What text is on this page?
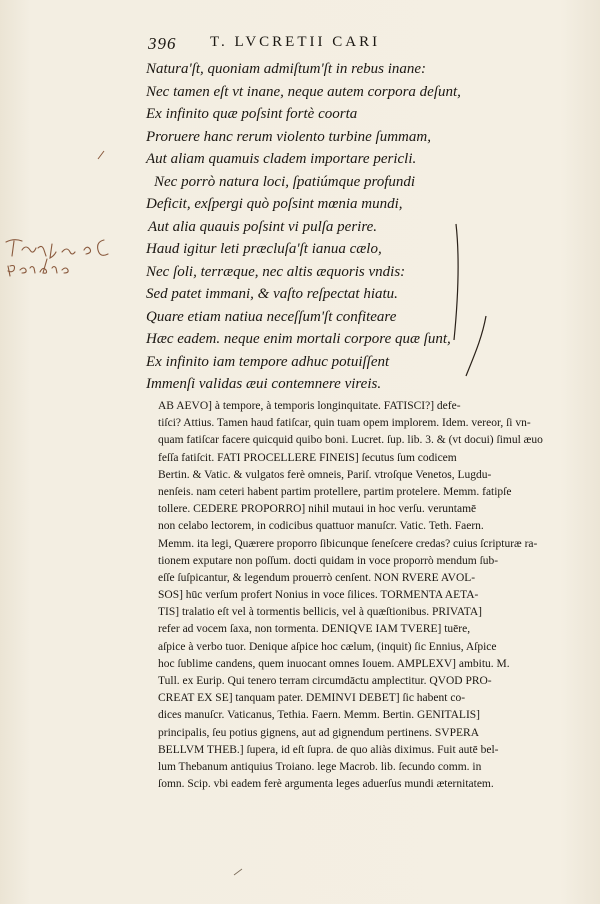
396 T. LVCRETII CARI
Natura'ſt, quoniam admiſtum'ſt in rebus inane:
Nec tamen eſt vt inane, neque autem corpora deſunt,
Ex infinito quæ poſsint fortè coorta
Proruere hanc rerum violento turbine ſummam,
Aut aliam quamuis cladem importare pericli.
Nec porrò natura loci, ſpatiúmque profundi
Deficit, exſpergi quò poſsint mœnia mundi,
Aut alia quauis poſsint vi pulſa perire.
Haud igitur leti præcluſa'ſt ianua cælo,
Nec ſoli, terræque, nec altis æquoris vndis:
Sed patet immani, & vaſto reſpectat hiatu.
Quare etiam natiua neceſſum'ſt confiteare
Hæc eadem. neque enim mortali corpore quæ ſunt,
Ex infinito iam tempore adhuc potuiſſent
Immenſi validas æui contemnere vireis.
AB AEVO] à tempore, à temporis longinquitate. FATISCI?] defe-
tiſci? Attius. Tamen haud fatiſcar, quin tuam opem implorem. Idem. vereor, ſi vn-
quam fatiſcar facere quicquid quibo boni. Lucret. ſup. lib. 3. & (vt docui) ſimul æuo
feſſa fatiſcit. FATI PROCELLERE FINEIS] ſecutus ſum codicem
Bertin. & Vatic. & vulgatos ferè omneis, Pariſ. vtroſque Venetos, Lugdu-
nenſeis. nam ceteri habent partim protellere, partim protelere. Memm. fatipſe
tollere. CEDERE PROPORRO] nihil mutaui in hoc verſu. veruntamē
non celabo lectorem, in codicibus quattuor manuſcr. Vatic. Teth. Faern.
Memm. ita legi, Quærere proporro ſibicunque ſeneſcere credas? cuius ſcripturæ ra-
tionem exputare non poſſum. docti quidam in voce proporrò mendum ſub-
eſſe ſuſpicantur, & legendum prouerrò cenſent. NON RVERE AVOL-
SOS] hūc verſum profert Nonius in voce ſilices. TORMENTA AETA-
TIS] tralatio eſt vel à tormentis bellicis, vel à quæſtionibus. PRIVATA]
refer ad vocem ſaxa, non tormenta. DENIQVE IAM TVERE] tuēre,
aſpice à verbo tuor. Denique aſpice hoc cælum, (inquit) ſic Ennius, Aſpice
hoc ſublime candens, quem inuocant omnes Iouem. AMPLEXV] ambitu. M.
Tull. ex Eurip. Qui tenero terram circumdāctu amplectitur. QVOD PRO-
CREAT EX SE] tanquam pater. DEMINVI DEBET] ſic habent co-
dices manuſcr. Vaticanus, Tethia. Faern. Memm. Bertin. GENITALIS]
principalis, ſeu potius gignens, aut ad gignendum pertinens. SVPERA
BELLVM THEB.] ſupera, id eſt ſupra. de quo aliàs diximus. Fuit autē bel-
lum Thebanum antiquius Troiano. lege Macrob. lib. ſecundo comm. in
ſomn. Scip. vbi eadem ferè argumenta leges aduerſus mundi æternitatem.
